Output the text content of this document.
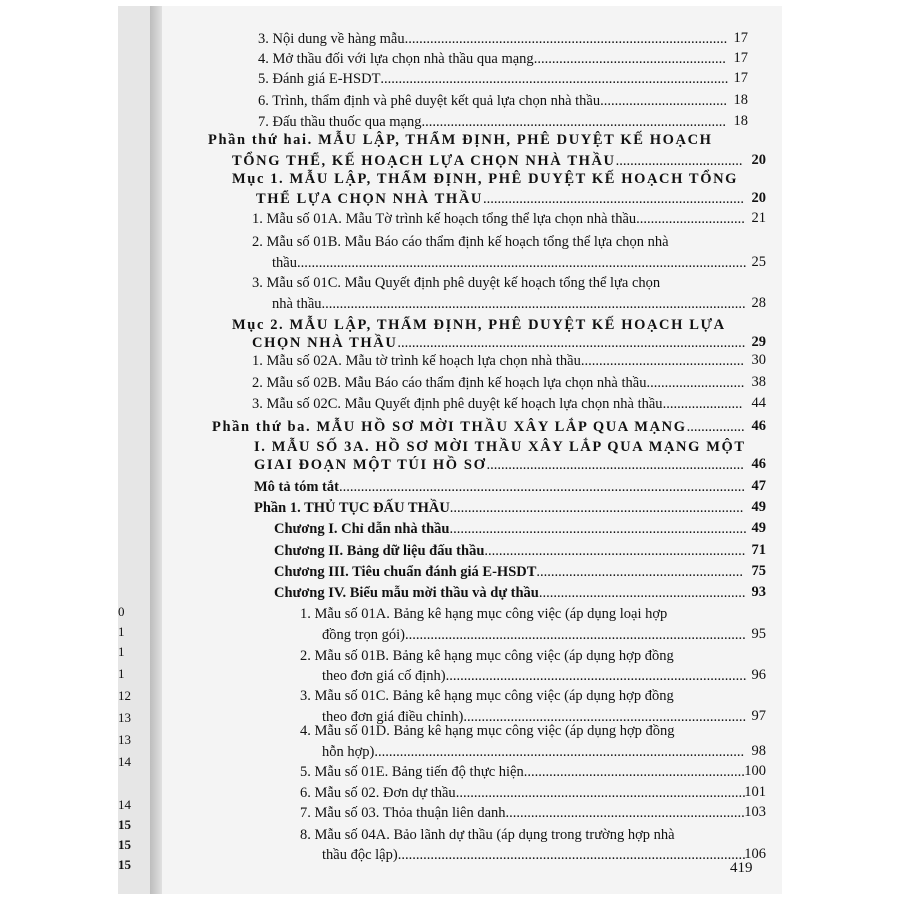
0
1
1
1
12
13
13
14
14
15
15
15
3. Nội dung về hàng mẫu......................................................................................... 17
4. Mở thầu đối với lựa chọn nhà thầu qua mạng..................................................... 17
5. Đánh giá E-HSDT................................................................................................ 17
6. Trình, thẩm định và phê duyệt kết quả lựa chọn nhà thầu................................... 18
7. Đấu thầu thuốc qua mạng.................................................................................... 18
Phần thứ hai. MẪU LẬP, THẨM ĐỊNH, PHÊ DUYỆT KẾ HOẠCH
TỔNG THỂ, KẾ HOẠCH LỰA CHỌN NHÀ THẦU................................... 20
Mục 1. MẪU LẬP, THẨM ĐỊNH, PHÊ DUYỆT KẾ HOẠCH TỔNG
THỂ LỰA CHỌN NHÀ THẦU........................................................................ 20
1. Mẫu số 01A. Mẫu Tờ trình kế hoạch tổng thể lựa chọn nhà thầu.............................. 21
2. Mẫu số 01B. Mẫu Báo cáo thẩm định kế hoạch tổng thể lựa chọn nhà
thầu............................................................................................................................ 25
3. Mẫu số 01C. Mẫu Quyết định phê duyệt kế hoạch tổng thể lựa chọn
nhà thầu..................................................................................................................... 28
Mục 2. MẪU LẬP, THẨM ĐỊNH, PHÊ DUYỆT KẾ HOẠCH LỰA
CHỌN NHÀ THẦU................................................................................................ 29
1. Mẫu số 02A. Mẫu tờ trình kế hoạch lựa chọn nhà thầu............................................. 30
2. Mẫu số 02B. Mẫu Báo cáo thẩm định kế hoạch lựa chọn nhà thầu........................... 38
3. Mẫu số 02C. Mẫu Quyết định phê duyệt kế hoạch lựa chọn nhà thầu...................... 44
Phần thứ ba. MẪU HỒ SƠ MỜI THẦU XÂY LẮP QUA MẠNG................ 46
I. MẪU SỐ 3A. HỒ SƠ MỜI THẦU XÂY LẮP QUA MẠNG MỘT
GIAI ĐOẠN MỘT TÚI HỒ SƠ....................................................................... 46
Mô tả tóm tắt................................................................................................................ 47
Phần 1. THỦ TỤC ĐẤU THẦU................................................................................. 49
Chương I. Chỉ dẫn nhà thầu.................................................................................. 49
Chương II. Bảng dữ liệu đấu thầu........................................................................ 71
Chương III. Tiêu chuẩn đánh giá E-HSDT......................................................... 75
Chương IV. Biểu mẫu mời thầu và dự thầu......................................................... 93
1. Mẫu số 01A. Bảng kê hạng mục công việc (áp dụng loại hợp
đồng trọn gói).............................................................................................. 95
2. Mẫu số 01B. Bảng kê hạng mục công việc (áp dụng hợp đồng
theo đơn giá cố định)................................................................................... 96
3. Mẫu số 01C. Bảng kê hạng mục công việc (áp dụng hợp đồng
theo đơn giá điều chỉnh).............................................................................. 97
4. Mẫu số 01D. Bảng kê hạng mục công việc (áp dụng hợp đồng
hỗn hợp)...................................................................................................... 98
5. Mẫu số 01E. Bảng tiến độ thực hiện............................................................. 100
6. Mẫu số 02. Đơn dự thầu................................................................................
101
7. Mẫu số 03. Thỏa thuận liên danh.................................................................. 103
8. Mẫu số 04A. Bảo lãnh dự thầu (áp dụng trong trường hợp nhà
thầu độc lập)................................................................................................
106
419
